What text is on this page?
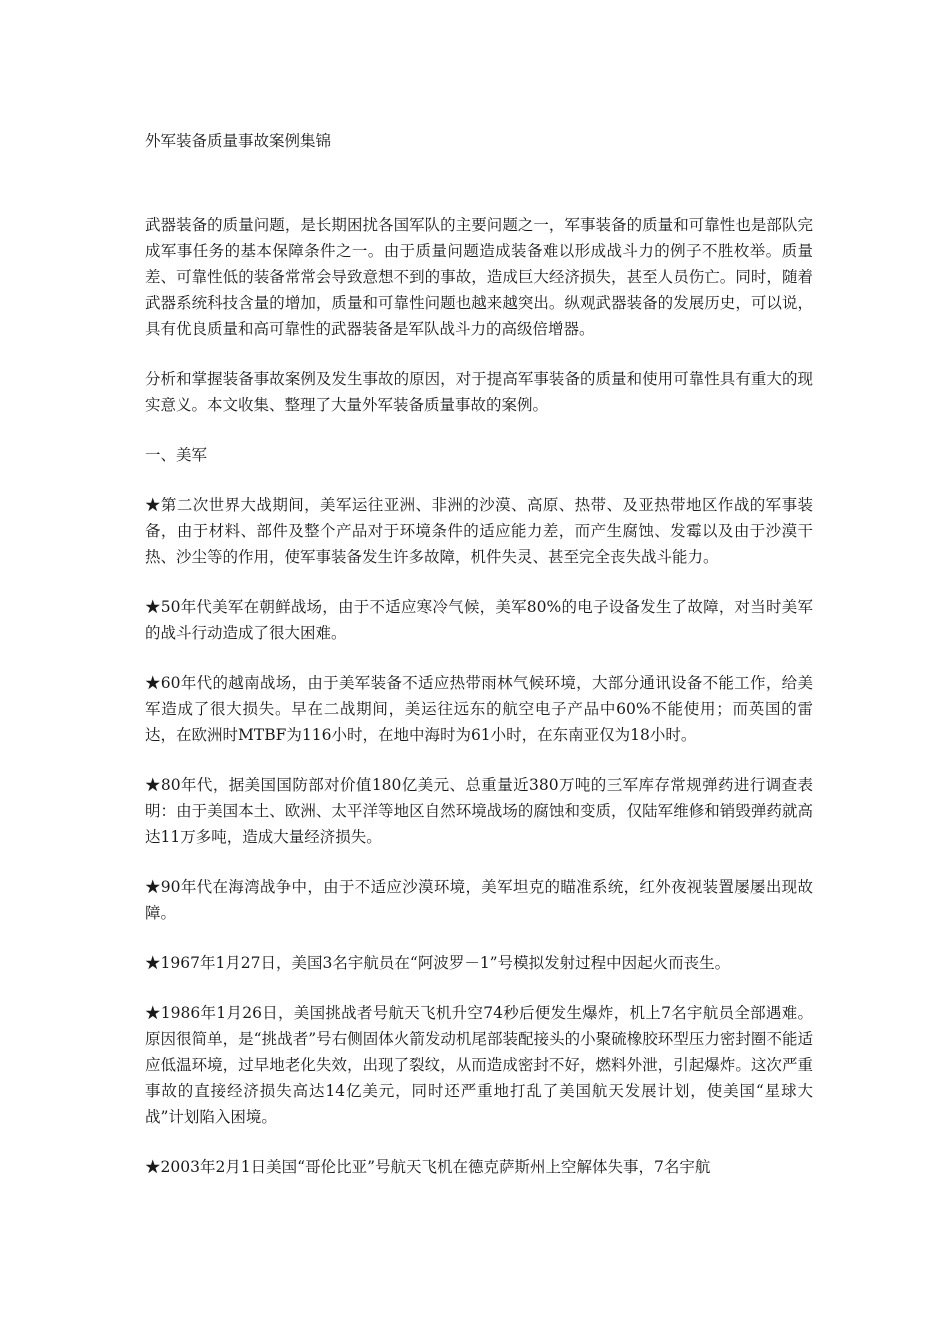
外军装备质量事故案例集锦

武器装备的质量问题，是长期困扰各国军队的主要问题之一，军事装备的质量和可靠性也是部队完成军事任务的基本保障条件之一。由于质量问题造成装备难以形成战斗力的例子不胜枚举。质量差、可靠性低的装备常常会导致意想不到的事故，造成巨大经济损失，甚至人员伤亡。同时，随着武器系统科技含量的增加，质量和可靠性问题也越来越突出。纵观武器装备的发展历史，可以说，具有优良质量和高可靠性的武器装备是军队战斗力的高级倍增器。

分析和掌握装备事故案例及发生事故的原因，对于提高军事装备的质量和使用可靠性具有重大的现实意义。本文收集、整理了大量外军装备质量事故的案例。

一、美军

★第二次世界大战期间，美军运往亚洲、非洲的沙漠、高原、热带、及亚热带地区作战的军事装备，由于材料、部件及整个产品对于环境条件的适应能力差，而产生腐蚀、发霉以及由于沙漠干热、沙尘等的作用，使军事装备发生许多故障，机件失灵、甚至完全丧失战斗能力。

★50年代美军在朝鲜战场，由于不适应寒冷气候，美军80%的电子设备发生了故障，对当时美军的战斗行动造成了很大困难。

★60年代的越南战场，由于美军装备不适应热带雨林气候环境，大部分通讯设备不能工作，给美军造成了很大损失。早在二战期间，美运往远东的航空电子产品中60%不能使用；而英国的雷达，在欧洲时MTBF为116小时，在地中海时为61小时，在东南亚仅为18小时。

★80年代，据美国国防部对价值180亿美元、总重量近380万吨的三军库存常规弹药进行调查表明：由于美国本土、欧洲、太平洋等地区自然环境战场的腐蚀和变质，仅陆军维修和销毁弹药就高达11万多吨，造成大量经济损失。

★90年代在海湾战争中，由于不适应沙漠环境，美军坦克的瞄准系统，红外夜视装置屡屡出现故障。

★1967年1月27日，美国3名宇航员在“阿波罗－1”号模拟发射过程中因起火而丧生。

★1986年1月26日，美国挑战者号航天飞机升空74秒后便发生爆炸，机上7名宇航员全部遇难。原因很简单，是“挑战者”号右侧固体火箭发动机尾部装配接头的小聚硫橡胶环型压力密封圈不能适应低温环境，过早地老化失效，出现了裂纹，从而造成密封不好，燃料外泄，引起爆炸。这次严重事故的直接经济损失高达14亿美元，同时还严重地打乱了美国航天发展计划，使美国“星球大战”计划陷入困境。

★2003年2月1日美国“哥伦比亚”号航天飞机在德克萨斯州上空解体失事，7名宇航
